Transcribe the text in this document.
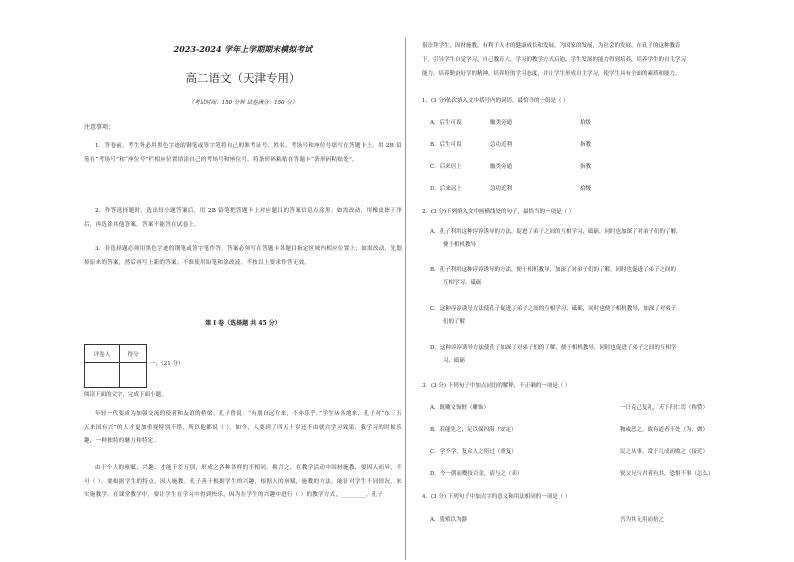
2023-2024 学年上学期期末模拟考试
高二语文（天津专用）
（考试时间：150 分钟 试卷满分：150 分）
注意事项：
1．答卷前，考生务必用黑色字迹的钢笔或签字笔将自己的准考证号、姓名、考场号和座位号填写在答题卡上。用 2B 铅笔在“考场号”和“座位号”栏相应位置填涂自己的考场号和座位号。将条形码粘贴在答题卡“条形码粘贴处”。
2．作答选择题时，选出每小题答案后，用 2B 铅笔把答题卡上对应题目的答案信息点涂黑；如需改动，用橡皮擦干净后，再选涂其他答案。答案不能答在试卷上。
3．非选择题必须用黑色字迹的钢笔或签字笔作答。答案必须写在答题卡各题目指定区域内相应位置上；如需改动，先划掉原来的答案，然后再写上新的答案；不准使用铅笔和涂改液。不按以上要求作答无效。
第 I 卷（选择题 共 45 分）
评卷人	得分

一、（21 分）
阅读下面的文字，完成下面小题。
年轻一代要成为加强交流的使者和友谊的桥梁。孔子曾说：“有朋自远方来，不亦乐乎。”学生从各地来，孔子对“东三五五来国有兴”的人才更加重视特别不错，所以他都说（ ）。如今，人要到了四五十岁还不由就自学习效果，我学习的时候乐趣，一种独特的魅力和特定。
由于个人的禀赋、兴趣、才能千差万别，形成之各种各样的不相同。换言之，在教学活动中因材施教，要因人而异，不可（ ），要根据学生的特点，因人施教。孔子善于根据学生的兴趣，根据人的禀赋，施教的方法，能针对学生不同情况，来实施教学。在课堂教学中，要让学生在学习中得到快乐，因为在学生的兴趣中进行（ ）的教学方式，________。孔子
很崇拜学生，因材施教，有利于人才的健康成长和发展，为国家的发展，为社会的发展。在孔子的这种教育
下，引导学生自觉学习，自己教育人，学习的教学方式启迪，学生发展的能力得到培养，培养学生的自主学习
能力，培养勤奋好学的精神，培养好的学习态度，并让学生形成自主学习，使学生具有全面的素质和能力。
1．(3 分)依次填入文中括号内的词语，最恰当的一组是（ ）
A．后生可畏	触类旁通	拾级
B．后生可畏	急功近利	指教
C．后来居上	触类旁通	指教
D．后来居上	急功近利	拾级
2．(3 分)下列填入文中画横线处的句子，最恰当的一项是（ ）
A．孔子利用这种谆谆诱导的方法，促进了弟子之间的互相学习、砥砺，同时也加深了对弟子们的了解，
便于相机教导
B．孔子利用这种谆谆诱导的方法，便于相机教导，加深了对弟子们的了解，同时也促进了弟子之间的
互相学习、砥砺
C．这种谆谆诱导方法使孔子促进了弟子之间的互相学习、砥砺，同时也便于相机教导，加深了对弟子
们的了解
D．这种谆谆诱导方法使孔子加深了对弟子们的了解，便于相机教导，同时也促进了弟子之间的互相学
习、砥砺
3．(3 分) 下列句子中加点词语的解释，不正确的一项是（ ）
A．既雕文饰野（雕饰）	一日克己复礼，天下归仁焉（称赞）
B．若能先之，足以保四海（安定）	物或恶之，故有道者不处（为、做）
C．学不学，复众人之所过（重复）	民之从事，常于几成而败之（接近）
D．今一朝而鬻技百金，请与之（卖）	锐父兄与君者有其，恐惧不事（怎么）
4．(3 分) 下列句子中加点字的意义和用法相同的一项是（ ）
A．犹殖以为器	吾为其无用而掊之
